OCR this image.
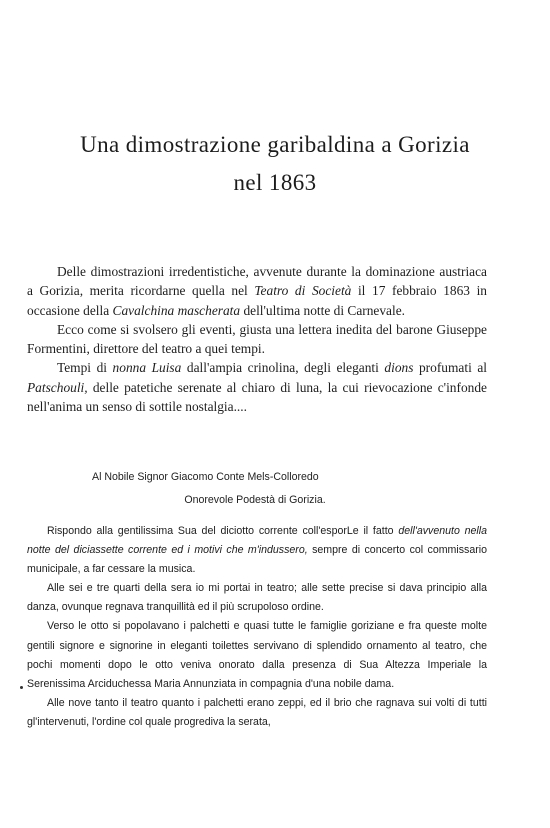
Una dimostrazione garibaldina a Gorizia
nel 1863

Delle dimostrazioni irredentistiche, avvenute durante la dominazione austriaca a Gorizia, merita ricordarne quella nel Teatro di Società il 17 febbraio 1863 in occasione della Cavalchina mascherata dell'ultima notte di Carnevale.

Ecco come si svolsero gli eventi, giusta una lettera inedita del barone Giuseppe Formentini, direttore del teatro a quei tempi.

Tempi di nonna Luisa dall'ampia crinolina, degli eleganti dions profumati al Patschouli, delle patetiche serenate al chiaro di luna, la cui rievocazione c'infonde nell'anima un senso di sottile nostalgia....

Al Nobile Signor Giacomo Conte Mels-Colloredo
Onorevole Podestà di Gorizia.

Rispondo alla gentilissima Sua del diciotto corrente coll'esporLe il fatto dell'avvenuto nella notte del diciassette corrente ed i motivi che m'indussero, sempre di concerto col commissario municipale, a far cessare la musica.

Alle sei e tre quarti della sera io mi portai in teatro; alle sette precise si dava principio alla danza, ovunque regnava tranquillità ed il più scrupoloso ordine.

Verso le otto si popolavano i palchetti e quasi tutte le famiglie goriziane e fra queste molte gentili signore e signorine in eleganti toilettes servivano di splendido ornamento al teatro, che pochi momenti dopo le otto veniva onorato dalla presenza di Sua Altezza Imperiale la Serenissima Arciduchessa Maria Annunziata in compagnia d'una nobile dama.

Alle nove tanto il teatro quanto i palchetti erano zeppi, ed il brio che ragnava sui volti di tutti gl'intervenuti, l'ordine col quale progrediva la serata,
